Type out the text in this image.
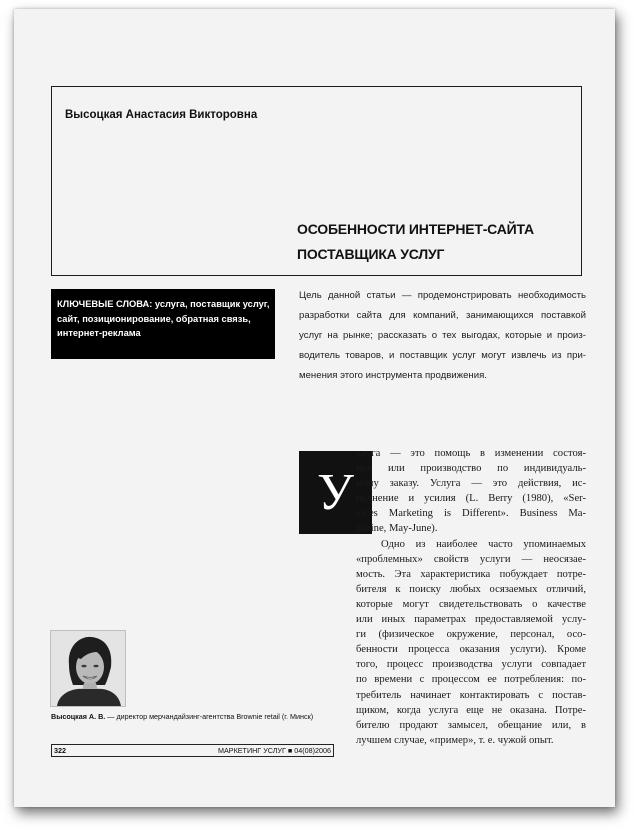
Высоцкая Анастасия Викторовна
ОСОБЕННОСТИ ИНТЕРНЕТ-САЙТА
ПОСТАВЩИКА УСЛУГ
КЛЮЧЕВЫЕ СЛОВА: услуга, поставщик услуг,
сайт, позиционирование, обратная связь,
интернет-реклама
Цель данной статьи — продемонстрировать необходимость
разработки сайта для компаний, занимающихся поставкой
услуг на рынке; рассказать о тех выгодах, которые и произ-
водитель товаров, и поставщик услуг могут извлечь из при-
менения этого инструмента продвижения.
У
слуга — это помощь в изменении состоя-
ния или производство по индивидуаль-
ному заказу. Услуга — это действия, ис-
полнение и усилия (L. Berry (1980), «Ser-
vices Marketing is Different». Business Ma-
gazine, May-June).
Одно из наиболее часто упоминаемых
«проблемных» свойств услуги — неосязае-
мость. Эта характеристика побуждает потре-
бителя к поиску любых осязаемых отличий,
которые могут свидетельствовать о качестве
или иных параметрах предоставляемой услу-
ги (физическое окружение, персонал, осо-
бенности процесса оказания услуги). Кроме
того, процесс производства услуги совпадает
по времени с процессом ее потребления: по-
требитель начинает контактировать с постав-
щиком, когда услуга еще не оказана. Потре-
бителю продают замысел, обещание или, в
лучшем случае, «пример», т. е. чужой опыт.
Высоцкая А. В. — директор мерчандайзинг-агентства Brownie retail (г. Минск)
322	МАРКЕТИНГ УСЛУГ ■ 04(08)2006
